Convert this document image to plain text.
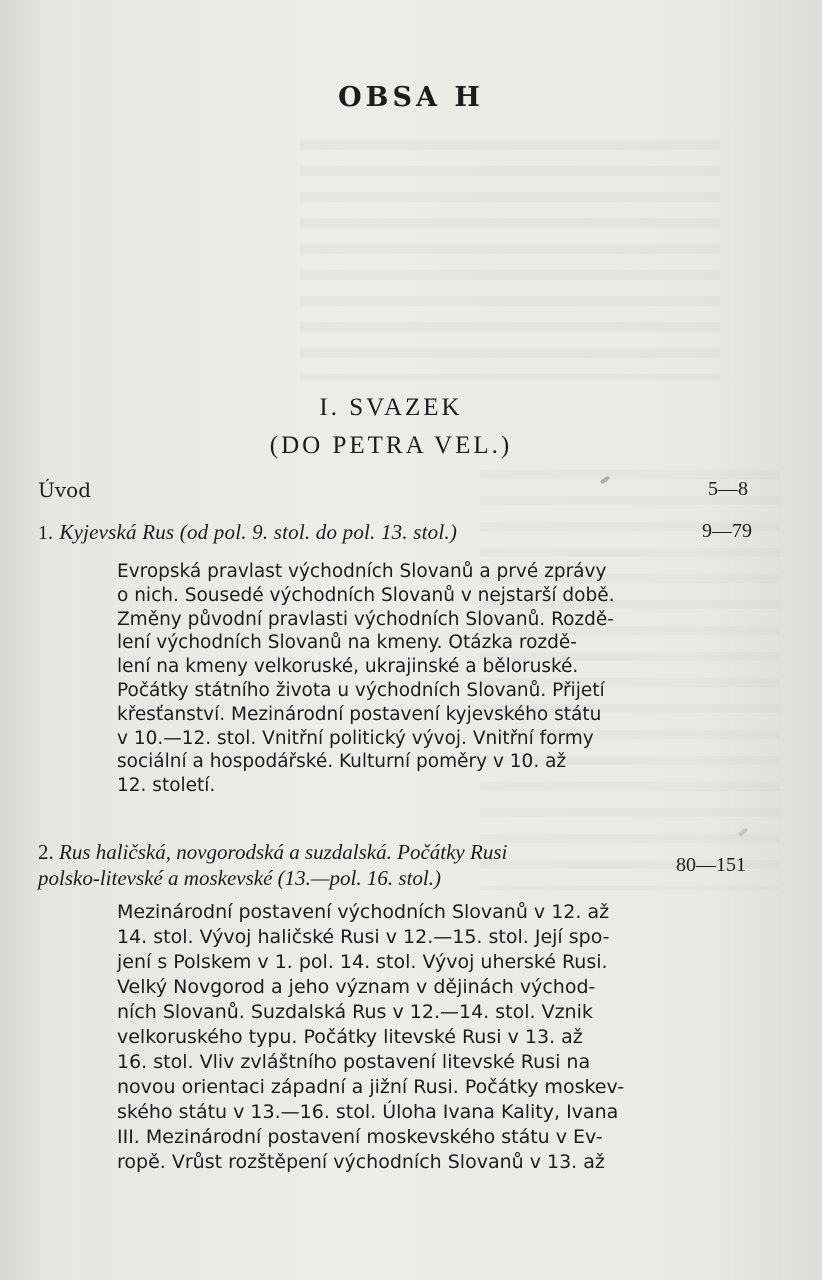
OBSA H
I. SVAZEK
(DO PETRA VEL.)
Úvod	5—8
1. Kyjevská Rus (od pol. 9. stol. do pol. 13. stol.)	9—79
Evropská pravlast východních Slovanů a prvé zprávy
o nich. Sousedé východních Slovanů v nejstarší době.
Změny původní pravlasti východních Slovanů. Rozdě-
lení východních Slovanů na kmeny. Otázka rozdě-
lení na kmeny velkoruské, ukrajinské a běloruské.
Počátky státního života u východních Slovanů. Přijetí
křesťanství. Mezinárodní postavení kyjevského státu
v 10.—12. stol. Vnitřní politický vývoj. Vnitřní formy
sociální a hospodářské. Kulturní poměry v 10. až
12. století.
2. Rus haličská, novgorodská a suzdalská. Počátky Rusi
polsko-litevské a moskevské (13.—pol. 16. stol.)
80—151
Mezinárodní postavení východních Slovanů v 12. až
14. stol. Vývoj haličské Rusi v 12.—15. stol. Její spo-
jení s Polskem v 1. pol. 14. stol. Vývoj uherské Rusi.
Velký Novgorod a jeho význam v dějinách východ-
ních Slovanů. Suzdalská Rus v 12.—14. stol. Vznik
velkoruského typu. Počátky litevské Rusi v 13. až
16. stol. Vliv zvláštního postavení litevské Rusi na
novou orientaci západní a jižní Rusi. Počátky moskev-
ského státu v 13.—16. stol. Úloha Ivana Kality, Ivana
III. Mezinárodní postavení moskevského státu v Ev-
ropě. Vrůst rozštěpení východních Slovanů v 13. až
